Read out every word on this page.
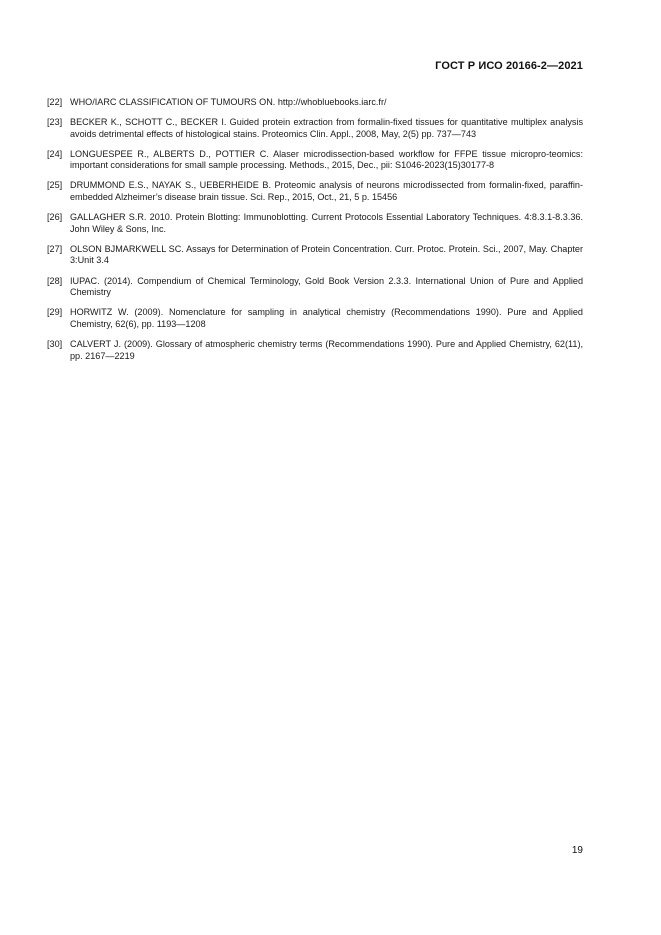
ГОСТ Р ИСО 20166-2—2021
[22] WHO/IARC CLASSIFICATION OF TUMOURS ON. http://whobluebooks.iarc.fr/
[23] BECKER K., SCHOTT C., BECKER I. Guided protein extraction from formalin-fixed tissues for quantitative multiplex analysis avoids detrimental effects of histological stains. Proteomics Clin. Appl., 2008, May, 2(5) pp. 737—743
[24] LONGUESPEE R., ALBERTS D., POTTIER C. Alaser microdissection-based workflow for FFPE tissue micropro-teomics: important considerations for small sample processing. Methods., 2015, Dec., pii: S1046-2023(15)30177-8
[25] DRUMMOND E.S., NAYAK S., UEBERHEIDE B. Proteomic analysis of neurons microdissected from formalin-fixed, paraffin-embedded Alzheimer’s disease brain tissue. Sci. Rep., 2015, Oct., 21, 5 p. 15456
[26] GALLAGHER S.R. 2010. Protein Blotting: Immunoblotting. Current Protocols Essential Laboratory Techniques. 4:8.3.1-8.3.36. John Wiley & Sons, Inc.
[27] OLSON BJMARKWELL SC. Assays for Determination of Protein Concentration. Curr. Protoc. Protein. Sci., 2007, May. Chapter 3:Unit 3.4
[28] IUPAC. (2014). Compendium of Chemical Terminology, Gold Book Version 2.3.3. International Union of Pure and Applied Chemistry
[29] HORWITZ W. (2009). Nomenclature for sampling in analytical chemistry (Recommendations 1990). Pure and Applied Chemistry, 62(6), pp. 1193—1208
[30] CALVERT J. (2009). Glossary of atmospheric chemistry terms (Recommendations 1990). Pure and Applied Chemistry, 62(11), pp. 2167—2219
19
